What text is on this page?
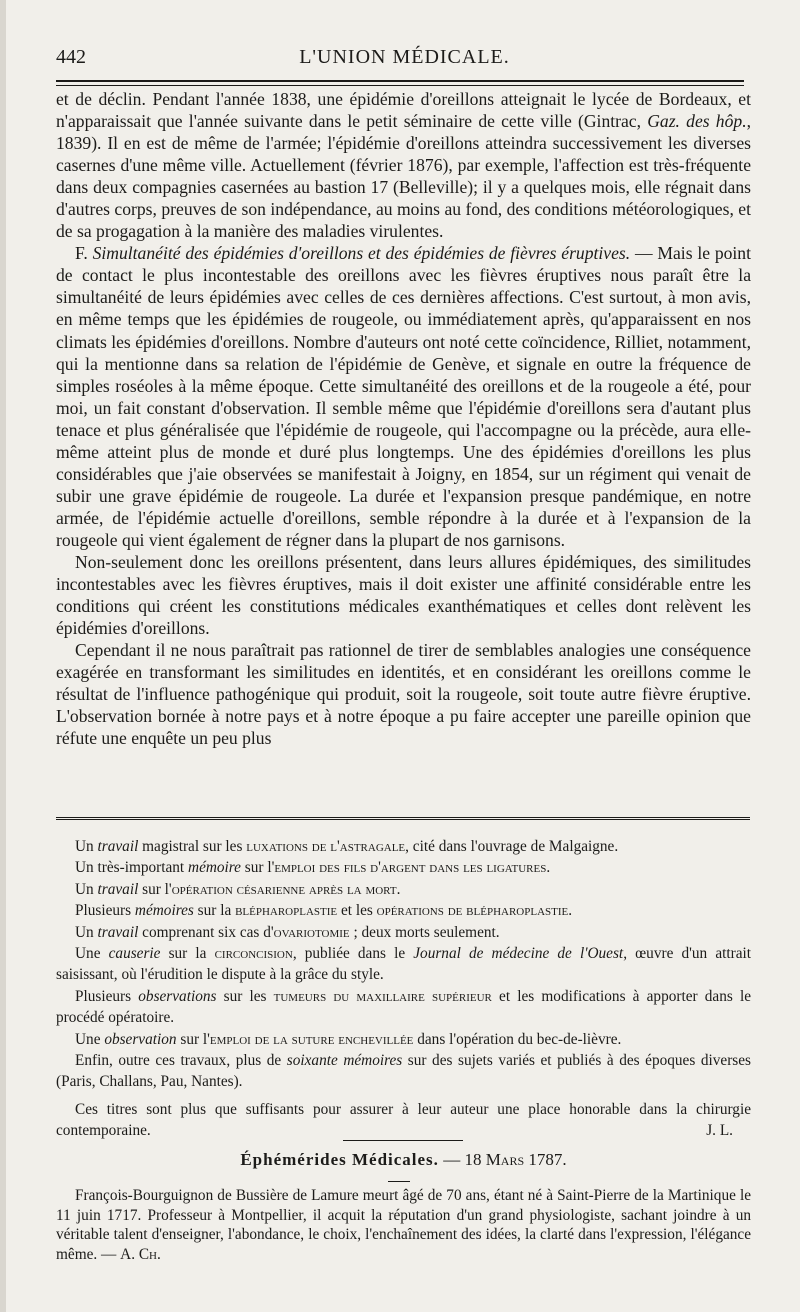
442	L'UNION MÉDICALE.

et de déclin. Pendant l'année 1838, une épidémie d'oreillons atteignait le lycée de Bordeaux, et n'apparaissait que l'année suivante dans le petit séminaire de cette ville (Gintrac, Gaz. des hôp., 1839). Il en est de même de l'armée; l'épidémie d'oreillons atteindra successivement les diverses casernes d'une même ville. Actuellement (février 1876), par exemple, l'affection est très-fréquente dans deux compagnies casernées au bastion 17 (Belleville); il y a quelques mois, elle régnait dans d'autres corps, preuves de son indépendance, au moins au fond, des conditions météorologiques, et de sa progagation à la manière des maladies virulentes.

F. Simultanéité des épidémies d'oreillons et des épidémies de fièvres éruptives. — Mais le point de contact le plus incontestable des oreillons avec les fièvres éruptives nous paraît être la simultanéité de leurs épidémies avec celles de ces dernières affections. C'est surtout, à mon avis, en même temps que les épidémies de rougeole, ou immédiatement après, qu'apparaissent en nos climats les épidémies d'oreillons. Nombre d'auteurs ont noté cette coïncidence, Rilliet, notamment, qui la mentionne dans sa relation de l'épidémie de Genève, et signale en outre la fréquence de simples roséoles à la même époque. Cette simultanéité des oreillons et de la rougeole a été, pour moi, un fait constant d'observation. Il semble même que l'épidémie d'oreillons sera d'autant plus tenace et plus généralisée que l'épidémie de rougeole, qui l'accompagne ou la précède, aura elle-même atteint plus de monde et duré plus longtemps. Une des épidémies d'oreillons les plus considérables que j'aie observées se manifestait à Joigny, en 1854, sur un régiment qui venait de subir une grave épidémie de rougeole. La durée et l'expansion presque pandémique, en notre armée, de l'épidémie actuelle d'oreillons, semble répondre à la durée et à l'expansion de la rougeole qui vient également de régner dans la plupart de nos garnisons.

Non-seulement donc les oreillons présentent, dans leurs allures épidémiques, des similitudes incontestables avec les fièvres éruptives, mais il doit exister une affinité considérable entre les conditions qui créent les constitutions médicales exanthématiques et celles dont relèvent les épidémies d'oreillons.

Cependant il ne nous paraîtrait pas rationnel de tirer de semblables analogies une conséquence exagérée en transformant les similitudes en identités, et en considérant les oreillons comme le résultat de l'influence pathogénique qui produit, soit la rougeole, soit toute autre fièvre éruptive. L'observation bornée à notre pays et à notre époque a pu faire accepter une pareille opinion que réfute une enquête un peu plus

Un travail magistral sur les luxations de l'astragale, cité dans l'ouvrage de Malgaigne.

Un très-important mémoire sur l'emploi des fils d'argent dans les ligatures.

Un travail sur l'opération césarienne après la mort.

Plusieurs mémoires sur la blépharoplastie et les opérations de blépharoplastie.

Un travail comprenant six cas d'ovariotomie ; deux morts seulement.

Une causerie sur la circoncision, publiée dans le Journal de médecine de l'Ouest, œuvre d'un attrait saisissant, où l'érudition le dispute à la grâce du style.

Plusieurs observations sur les tumeurs du maxillaire supérieur et les modifications à apporter dans le procédé opératoire.

Une observation sur l'emploi de la suture enchevillée dans l'opération du bec-de-lièvre.

Enfin, outre ces travaux, plus de soixante mémoires sur des sujets variés et publiés à des époques diverses (Paris, Challans, Pau, Nantes).

Ces titres sont plus que suffisants pour assurer à leur auteur une place honorable dans la chirurgie contemporaine.	J. L.

Éphémérides Médicales. — 18 Mars 1787.

François-Bourguignon de Bussière de Lamure meurt âgé de 70 ans, étant né à Saint-Pierre de la Martinique le 11 juin 1717. Professeur à Montpellier, il acquit la réputation d'un grand physiologiste, sachant joindre à un véritable talent d'enseigner, l'abondance, le choix, l'enchaînement des idées, la clarté dans l'expression, l'élégance même. — A. Ch.
